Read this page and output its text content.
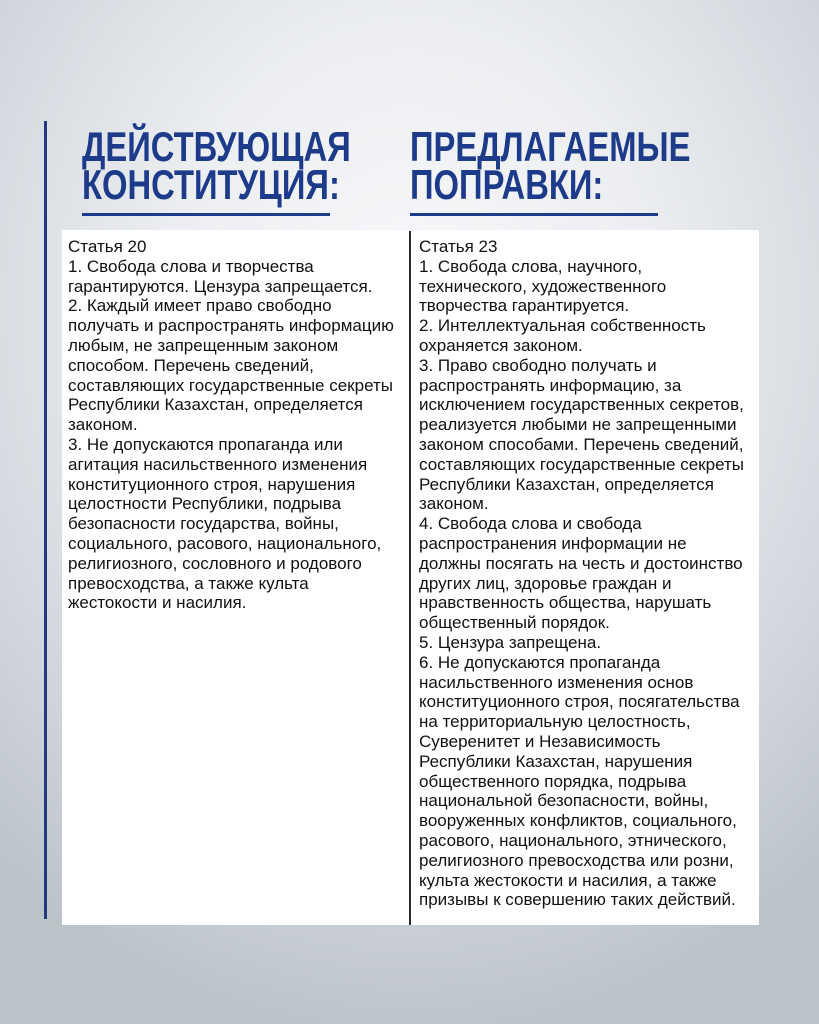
ДЕЙСТВУЮЩАЯ
КОНСТИТУЦИЯ:
ПРЕДЛАГАЕМЫЕ
ПОПРАВКИ:
Статья 20
1. Свобода слова и творчества
гарантируются. Цензура запрещается.
2. Каждый имеет право свободно
получать и распространять информацию
любым, не запрещенным законом
способом. Перечень сведений,
составляющих государственные секреты
Республики Казахстан, определяется
законом.
3. Не допускаются пропаганда или
агитация насильственного изменения
конституционного строя, нарушения
целостности Республики, подрыва
безопасности государства, войны,
социального, расового, национального,
религиозного, сословного и родового
превосходства, а также культа
жестокости и насилия.
Статья 23
1. Свобода слова, научного,
технического, художественного
творчества гарантируется.
2. Интеллектуальная собственность
охраняется законом.
3. Право свободно получать и
распространять информацию, за
исключением государственных секретов,
реализуется любыми не запрещенными
законом способами. Перечень сведений,
составляющих государственные секреты
Республики Казахстан, определяется
законом.
4. Свобода слова и свобода
распространения информации не
должны посягать на честь и достоинство
других лиц, здоровье граждан и
нравственность общества, нарушать
общественный порядок.
5. Цензура запрещена.
6. Не допускаются пропаганда
насильственного изменения основ
конституционного строя, посягательства
на территориальную целостность,
Суверенитет и Независимость
Республики Казахстан, нарушения
общественного порядка, подрыва
национальной безопасности, войны,
вооруженных конфликтов, социального,
расового, национального, этнического,
религиозного превосходства или розни,
культа жестокости и насилия, а также
призывы к совершению таких действий.
